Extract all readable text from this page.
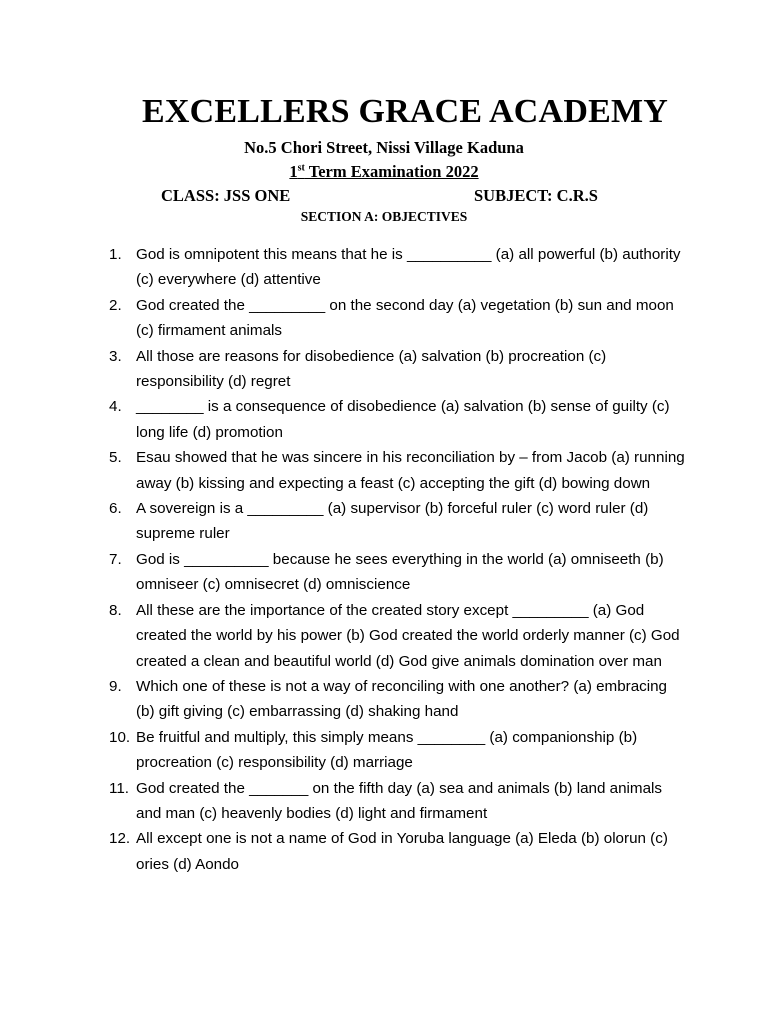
EXCELLERS GRACE ACADEMY
No.5 Chori Street, Nissi Village Kaduna
1st Term Examination 2022
CLASS: JSS ONE	SUBJECT: C.R.S
SECTION A: OBJECTIVES
1. God is omnipotent this means that he is __________ (a) all powerful (b) authority (c) everywhere (d) attentive
2. God created the _________ on the second day (a) vegetation (b) sun and moon (c) firmament animals
3. All those are reasons for disobedience (a) salvation (b) procreation (c) responsibility (d) regret
4. ________ is a consequence of disobedience (a) salvation (b) sense of guilty (c) long life (d) promotion
5. Esau showed that he was sincere in his reconciliation by – from Jacob (a) running away (b) kissing and expecting a feast (c) accepting the gift (d) bowing down
6. A sovereign is a _________ (a) supervisor (b) forceful ruler (c) word ruler (d) supreme ruler
7. God is __________ because he sees everything in the world (a) omniseeth (b) omniseer (c) omnisecret (d) omniscience
8. All these are the importance of the created story except _________ (a) God created the world by his power (b) God created the world orderly manner (c) God created a clean and beautiful world (d) God give animals domination over man
9. Which one of these is not a way of reconciling with one another? (a) embracing (b) gift giving (c) embarrassing (d) shaking hand
10. Be fruitful and multiply, this simply means ________ (a) companionship (b) procreation (c) responsibility (d) marriage
11. God created the _______ on the fifth day (a) sea and animals (b) land animals and man (c) heavenly bodies (d) light and firmament
12. All except one is not a name of God in Yoruba language (a) Eleda (b) olorun (c) ories (d) Aondo
